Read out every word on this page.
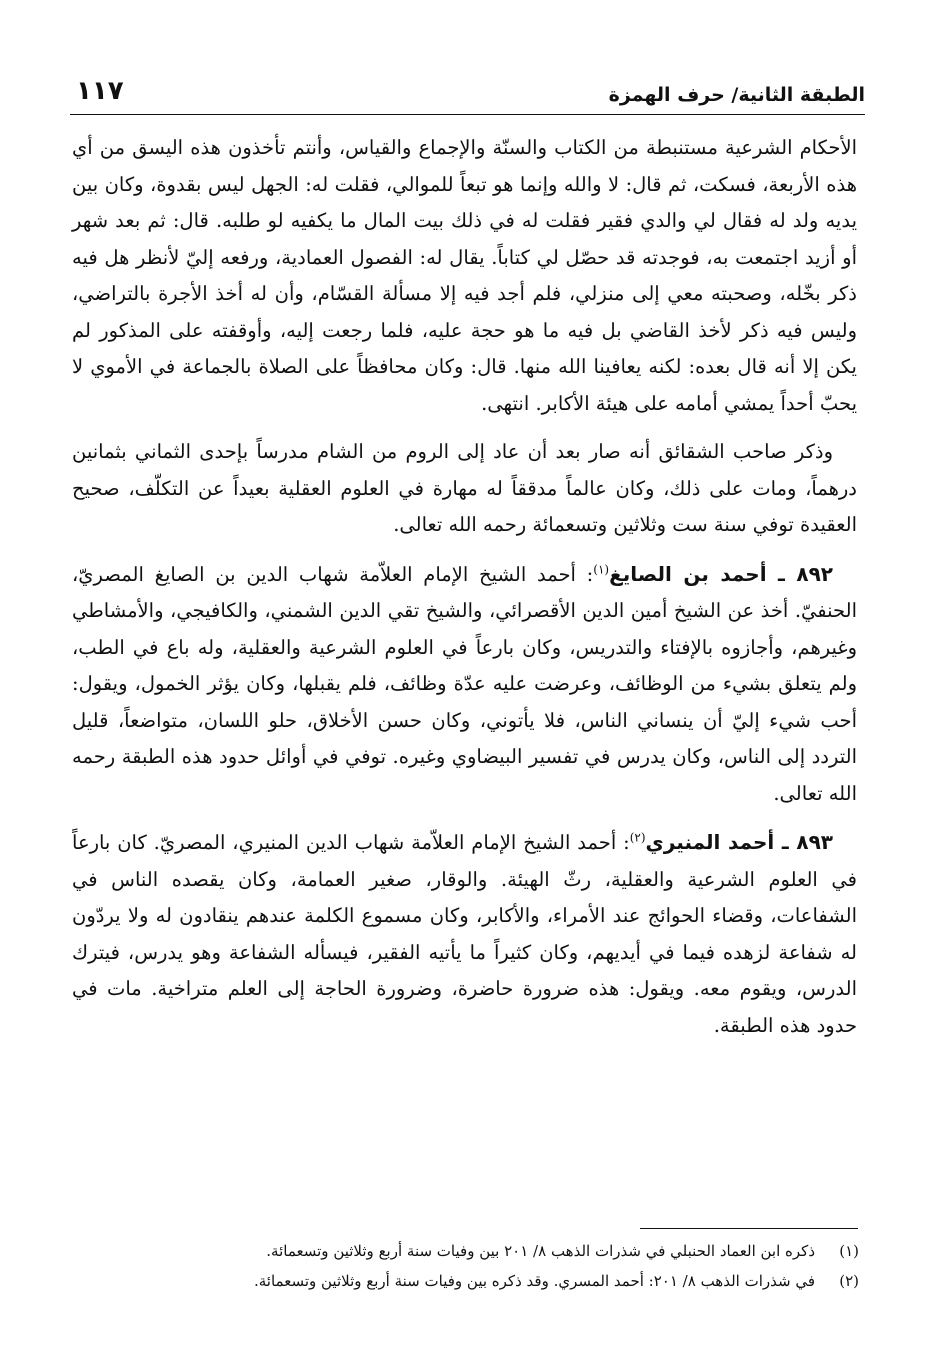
١١٧	الطبقة الثانية/ حرف الهمزة

الأحكام الشرعية مستنبطة من الكتاب والسنّة والإجماع والقياس، وأنتم تأخذون هذه اليسق من أي هذه الأربعة، فسكت، ثم قال: لا والله وإنما هو تبعاً للموالي، فقلت له: الجهل ليس بقدوة، وكان بين يديه ولد له فقال لي والدي فقير فقلت له في ذلك بيت المال ما يكفيه لو طلبه. قال: ثم بعد شهر أو أزيد اجتمعت به، فوجدته قد حصّل لي كتاباً. يقال له: الفصول العمادية، ورفعه إليّ لأنظر هل فيه ذكر بخّله، وصحبته معي إلى منزلي، فلم أجد فيه إلا مسألة القسّام، وأن له أخذ الأجرة بالتراضي، وليس فيه ذكر لأخذ القاضي بل فيه ما هو حجة عليه، فلما رجعت إليه، وأوقفته على المذكور لم يكن إلا أنه قال بعده: لكنه يعافينا الله منها. قال: وكان محافظاً على الصلاة بالجماعة في الأموي لا يحبّ أحداً يمشي أمامه على هيئة الأكابر. انتهى.

وذكر صاحب الشقائق أنه صار بعد أن عاد إلى الروم من الشام مدرساً بإحدى الثماني بثمانين درهماً، ومات على ذلك، وكان عالماً مدققاً له مهارة في العلوم العقلية بعيداً عن التكلّف، صحيح العقيدة توفي سنة ست وثلاثين وتسعمائة رحمه الله تعالى.

٨٩٢ ـ أحمد بن الصايغ$^{(١)}$: أحمد الشيخ الإمام العلاّمة شهاب الدين بن الصايغ المصريّ، الحنفيّ. أخذ عن الشيخ أمين الدين الأقصرائي، والشيخ تقي الدين الشمني، والكافيجي، والأمشاطي وغيرهم، وأجازوه بالإفتاء والتدريس، وكان بارعاً في العلوم الشرعية والعقلية، وله باع في الطب، ولم يتعلق بشيء من الوظائف، وعرضت عليه عدّة وظائف، فلم يقبلها، وكان يؤثر الخمول، ويقول: أحب شيء إليّ أن ينساني الناس، فلا يأتوني، وكان حسن الأخلاق، حلو اللسان، متواضعاً، قليل التردد إلى الناس، وكان يدرس في تفسير البيضاوي وغيره. توفي في أوائل حدود هذه الطبقة رحمه الله تعالى.

٨٩٣ ـ أحمد المنيري$^{(٢)}$: أحمد الشيخ الإمام العلاّمة شهاب الدين المنيري، المصريّ. كان بارعاً في العلوم الشرعية والعقلية، رثّ الهيئة. والوقار، صغير العمامة، وكان يقصده الناس في الشفاعات، وقضاء الحوائج عند الأمراء، والأكابر، وكان مسموع الكلمة عندهم ينقادون له ولا يردّون له شفاعة لزهده فيما في أيديهم، وكان كثيراً ما يأتيه الفقير، فيسأله الشفاعة وهو يدرس، فيترك الدرس، ويقوم معه. ويقول: هذه ضرورة حاضرة، وضرورة الحاجة إلى العلم متراخية. مات في حدود هذه الطبقة.

(١)ذكره ابن العماد الحنبلي في شذرات الذهب ٨/ ٢٠١ بين وفيات سنة أربع وثلاثين وتسعمائة.
(٢)في شذرات الذهب ٨/ ٢٠١: أحمد المسري. وقد ذكره بين وفيات سنة أربع وثلاثين وتسعمائة.
